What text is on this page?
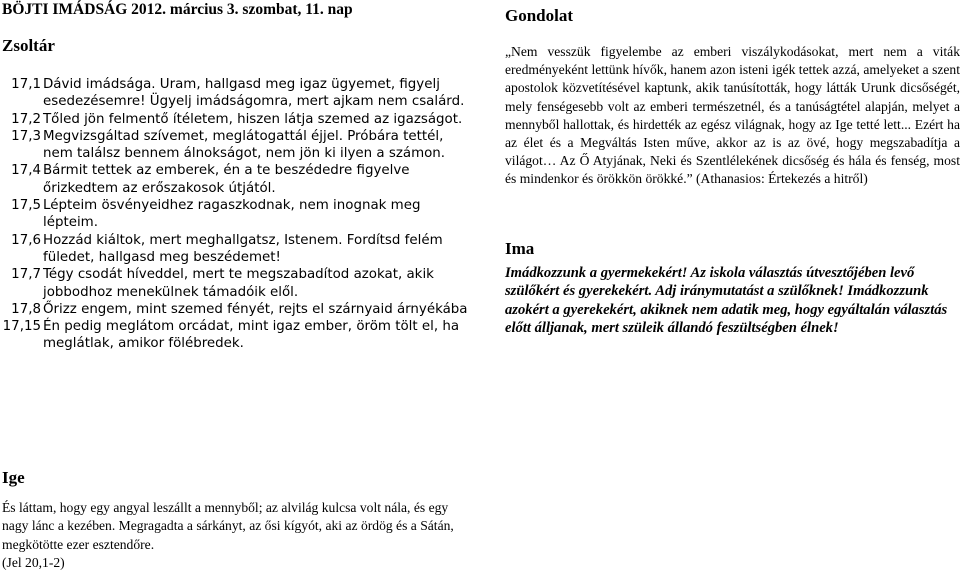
BÖJTI IMÁDSÁG 2012. március 3. szombat, 11. nap
Zsoltár
17,1 Dávid imádsága. Uram, hallgasd meg igaz ügyemet, figyelj esedezésemre! Ügyelj imádságomra, mert ajkam nem csalárd.
17,2 Tőled jön felmentő ítéletem, hiszen látja szemed az igazságot.
17,3 Megvizsgáltad szívemet, meglátogattál éjjel. Próbára tettél, nem találsz bennem álnokságot, nem jön ki ilyen a számon.
17,4 Bármit tettek az emberek, én a te beszédedre figyelve őrizkedtem az erőszakosok útjától.
17,5 Lépteim ösvényeidhez ragaszkodnak, nem inognak meg lépteim.
17,6 Hozzád kiáltok, mert meghallgatsz, Istenem. Fordítsd felém füledet, hallgasd meg beszédemet!
17,7 Tégy csodát híveddel, mert te megszabadítod azokat, akik jobbodhoz menekülnek támadóik elől.
17,8 Őrizz engem, mint szemed fényét, rejts el szárnyaid árnyékába
17,15 Én pedig meglátom orcádat, mint igaz ember, öröm tölt el, ha meglátlak, amikor fölébredek.
Ige

És láttam, hogy egy angyal leszállt a mennyből; az alvilág kulcsa volt nála, és egy nagy lánc a kezében. Megragadta a sárkányt, az ősi kígyót, aki az ördög és a Sátán, megkötötte ezer esztendőre.
(Jel 20,1-2)

Gondolat

„Nem vesszük figyelembe az emberi viszálykodásokat, mert nem a viták eredményeként lettünk hívők, hanem azon isteni igék tettek azzá, amelyeket a szent apostolok közvetítésével kaptunk, akik tanúsították, hogy látták Urunk dicsőségét, mely fenségesebb volt az emberi természetnél, és a tanúságtétel alapján, melyet a mennyből hallottak, és hirdették az egész világnak, hogy az Ige tetté lett... Ezért ha az élet és a Megváltás Isten műve, akkor az is az övé, hogy megszabadítja a világot… Az Ő Atyjának, Neki és Szentlélekének dicsőség és hála és fenség, most és mindenkor és örökkön örökké.” (Athanasios: Értekezés a hitről)

Ima

Imádkozzunk a gyermekekért! Az iskola választás útvesztőjében levő szülőkért és gyerekekért. Adj iránymutatást a szülőknek! Imádkozzunk azokért a gyerekekért, akiknek nem adatik meg, hogy egyáltalán választás előtt álljanak, mert szüleik állandó feszültségben élnek!
